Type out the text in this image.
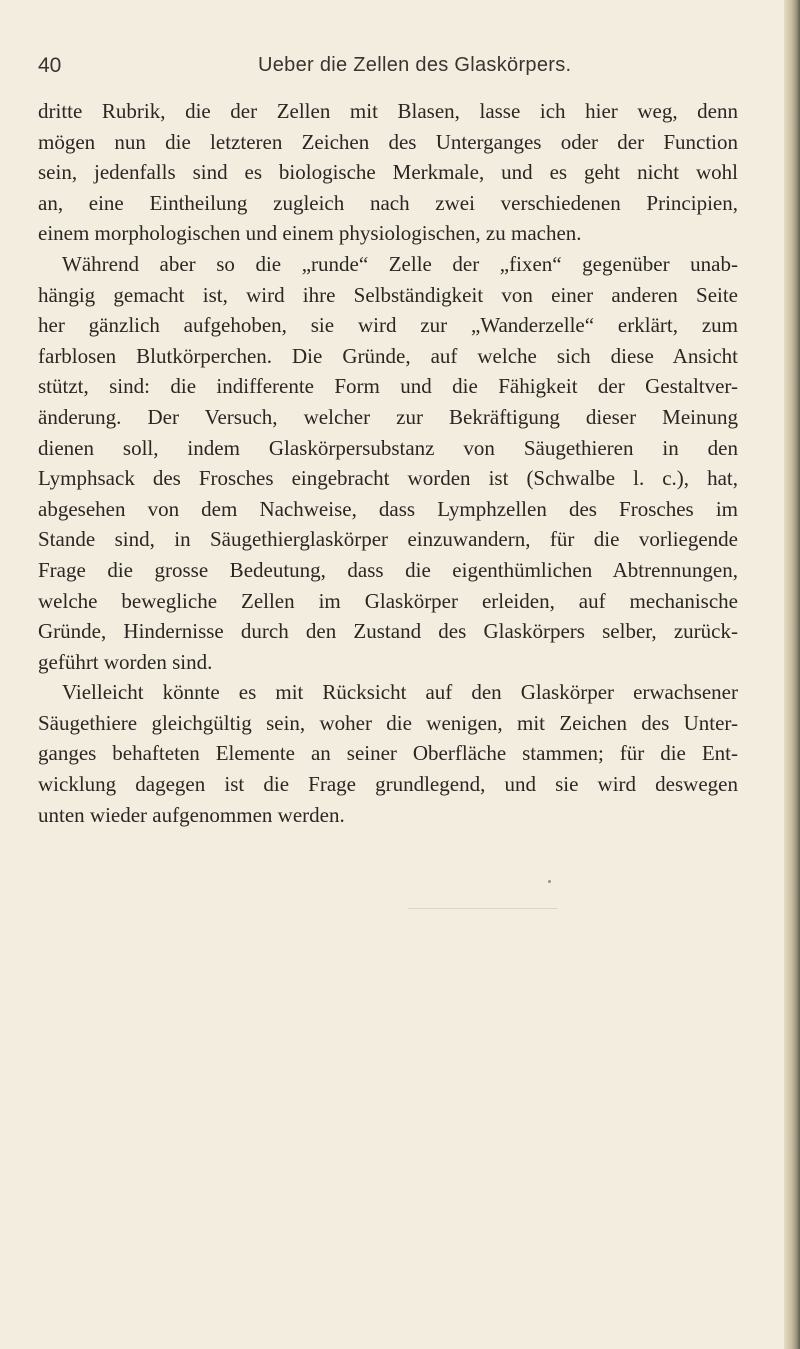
40	Ueber die Zellen des Glaskörpers.
dritte Rubrik, die der Zellen mit Blasen, lasse ich hier weg, denn
mögen nun die letzteren Zeichen des Unterganges oder der Function
sein, jedenfalls sind es biologische Merkmale, und es geht nicht wohl
an, eine Eintheilung zugleich nach zwei verschiedenen Principien,
einem morphologischen und einem physiologischen, zu machen.
Während aber so die „runde“ Zelle der „fixen“ gegenüber unab-
hängig gemacht ist, wird ihre Selbständigkeit von einer anderen Seite
her gänzlich aufgehoben, sie wird zur „Wanderzelle“ erklärt, zum
farblosen Blutkörperchen. Die Gründe, auf welche sich diese Ansicht
stützt, sind: die indifferente Form und die Fähigkeit der Gestaltver-
änderung. Der Versuch, welcher zur Bekräftigung dieser Meinung
dienen soll, indem Glaskörpersubstanz von Säugethieren in den
Lymphsack des Frosches eingebracht worden ist (Schwalbe l. c.), hat,
abgesehen von dem Nachweise, dass Lymphzellen des Frosches im
Stande sind, in Säugethierglaskörper einzuwandern, für die vorliegende
Frage die grosse Bedeutung, dass die eigenthümlichen Abtrennungen,
welche bewegliche Zellen im Glaskörper erleiden, auf mechanische
Gründe, Hindernisse durch den Zustand des Glaskörpers selber, zurück-
geführt worden sind.
Vielleicht könnte es mit Rücksicht auf den Glaskörper erwachsener
Säugethiere gleichgültig sein, woher die wenigen, mit Zeichen des Unter-
ganges behafteten Elemente an seiner Oberfläche stammen; für die Ent-
wicklung dagegen ist die Frage grundlegend, und sie wird deswegen
unten wieder aufgenommen werden.
